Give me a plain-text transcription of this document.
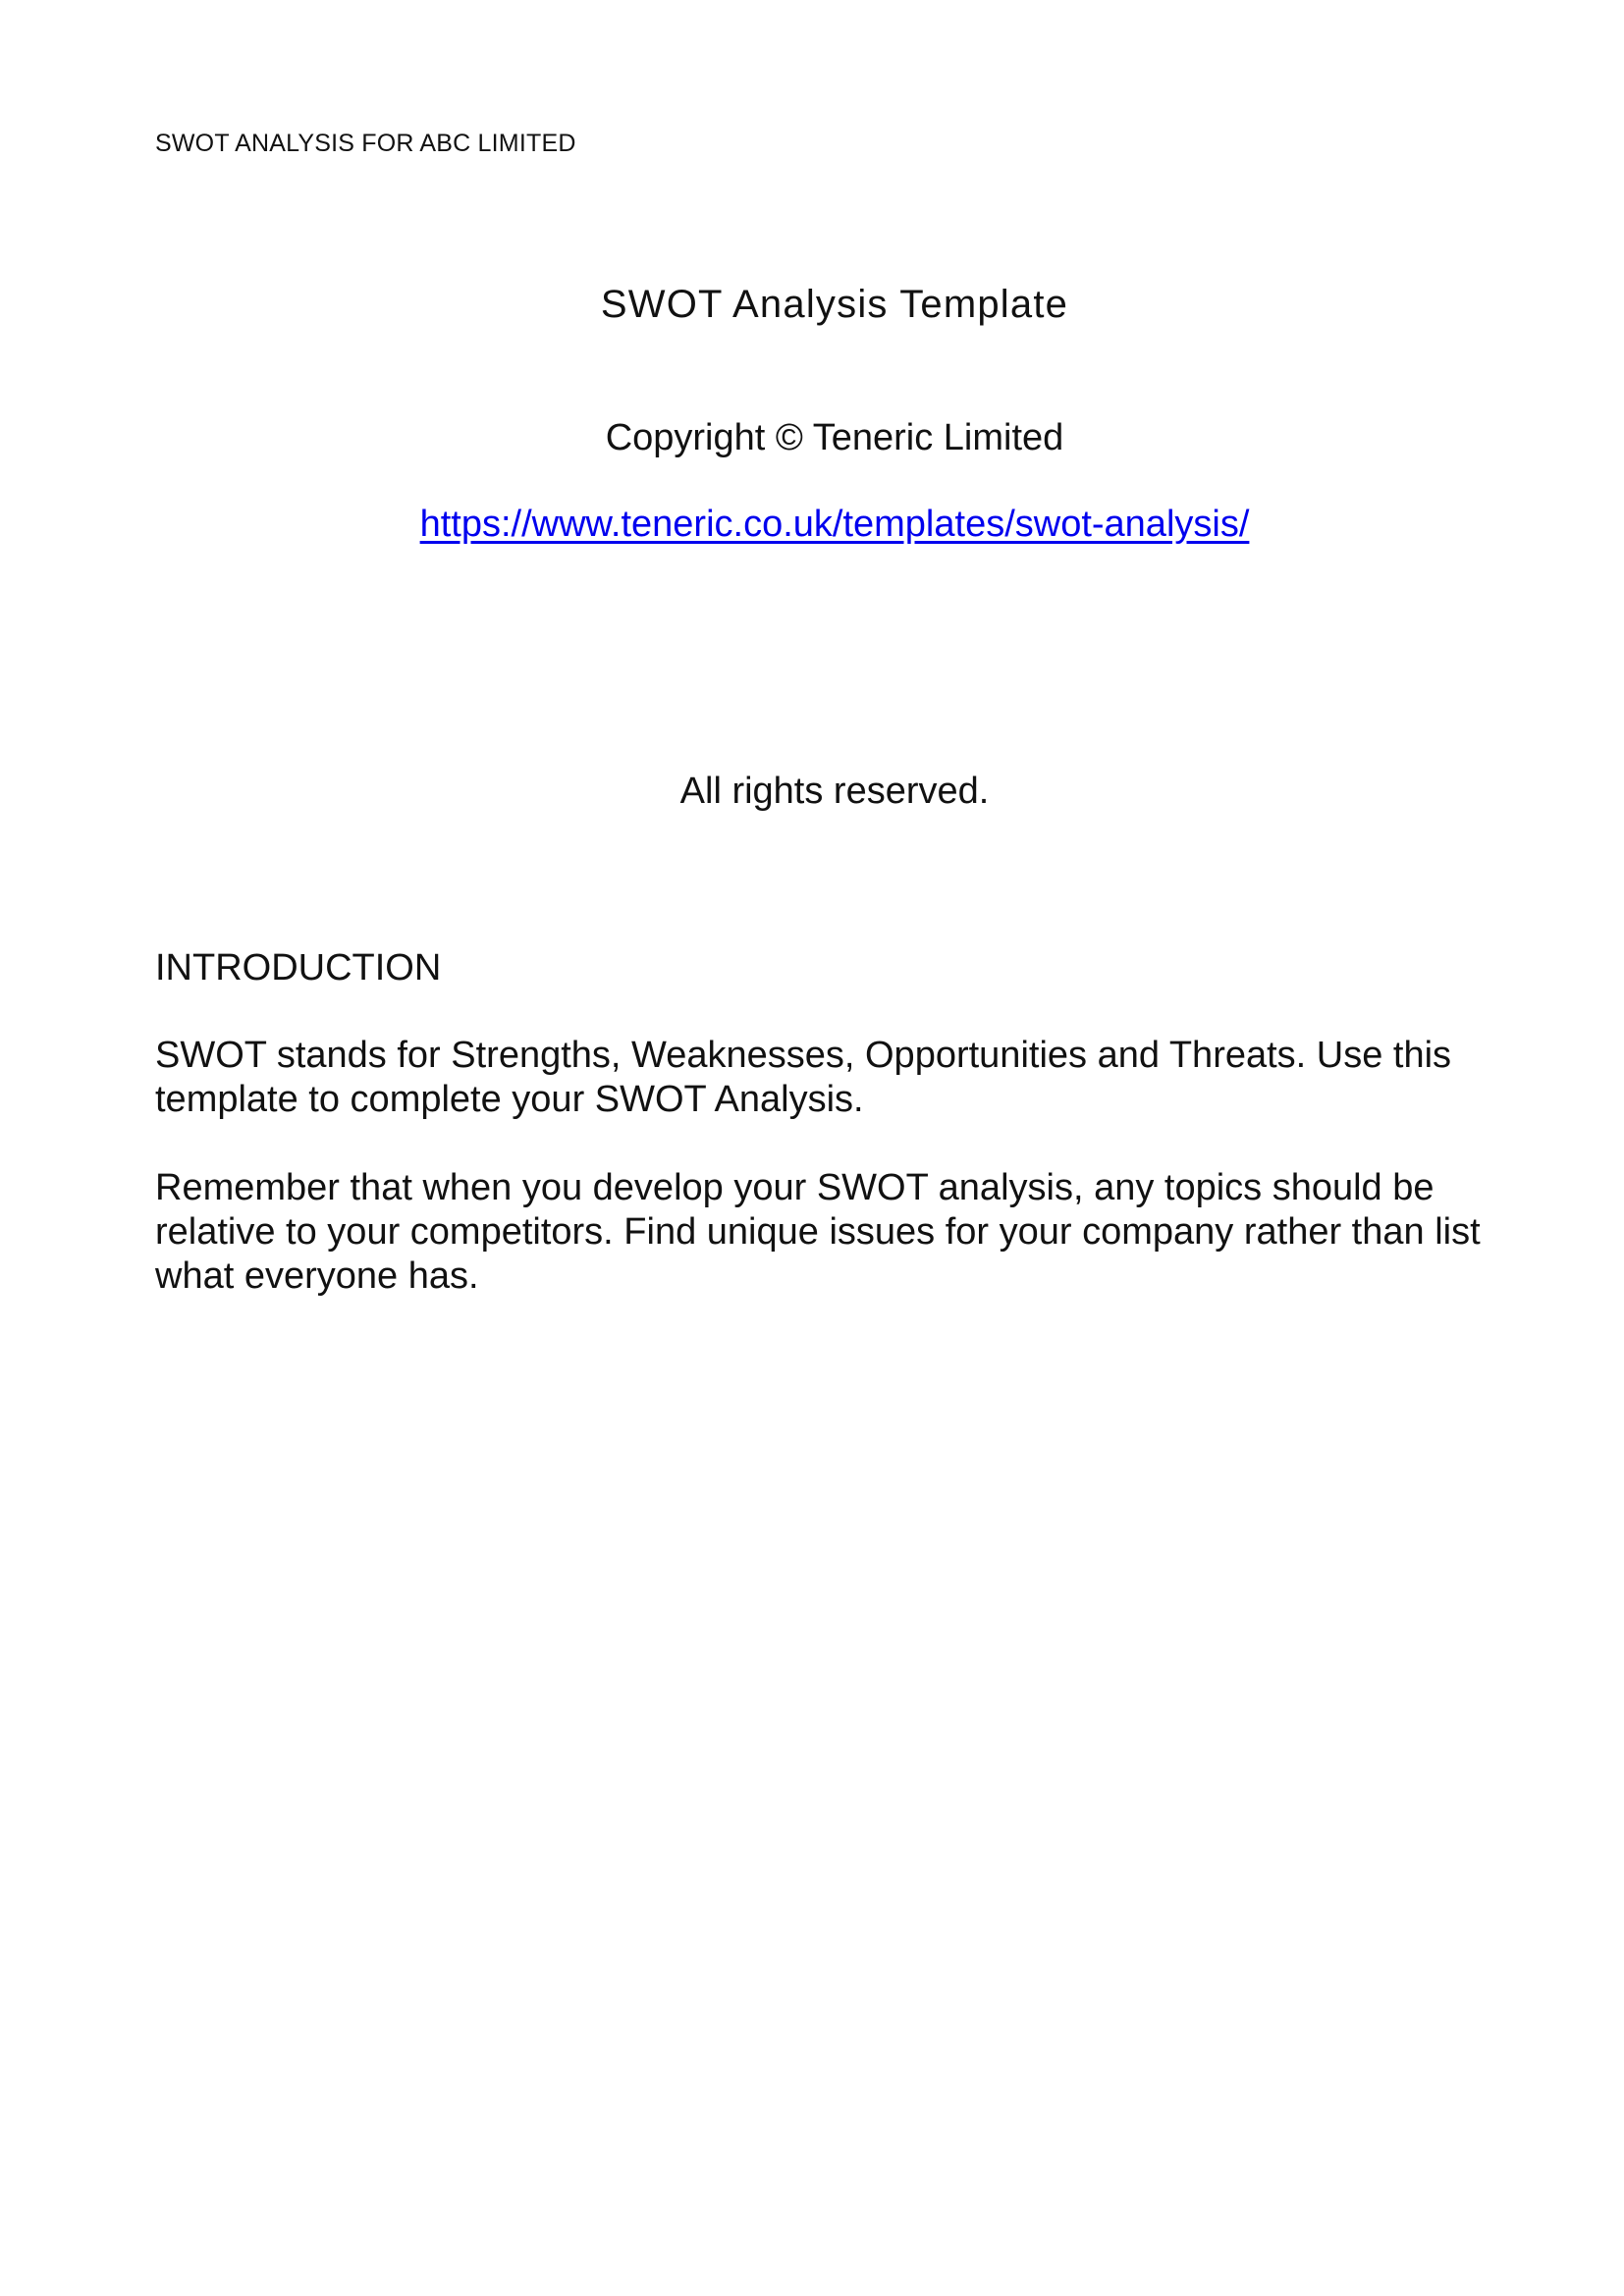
SWOT ANALYSIS FOR ABC LIMITED
SWOT Analysis Template
Copyright © Teneric Limited
https://www.teneric.co.uk/templates/swot-analysis/
All rights reserved.
INTRODUCTION

SWOT stands for Strengths, Weaknesses, Opportunities and Threats. Use this template to complete your SWOT Analysis.

Remember that when you develop your SWOT analysis, any topics should be relative to your competitors. Find unique issues for your company rather than list what everyone has.
